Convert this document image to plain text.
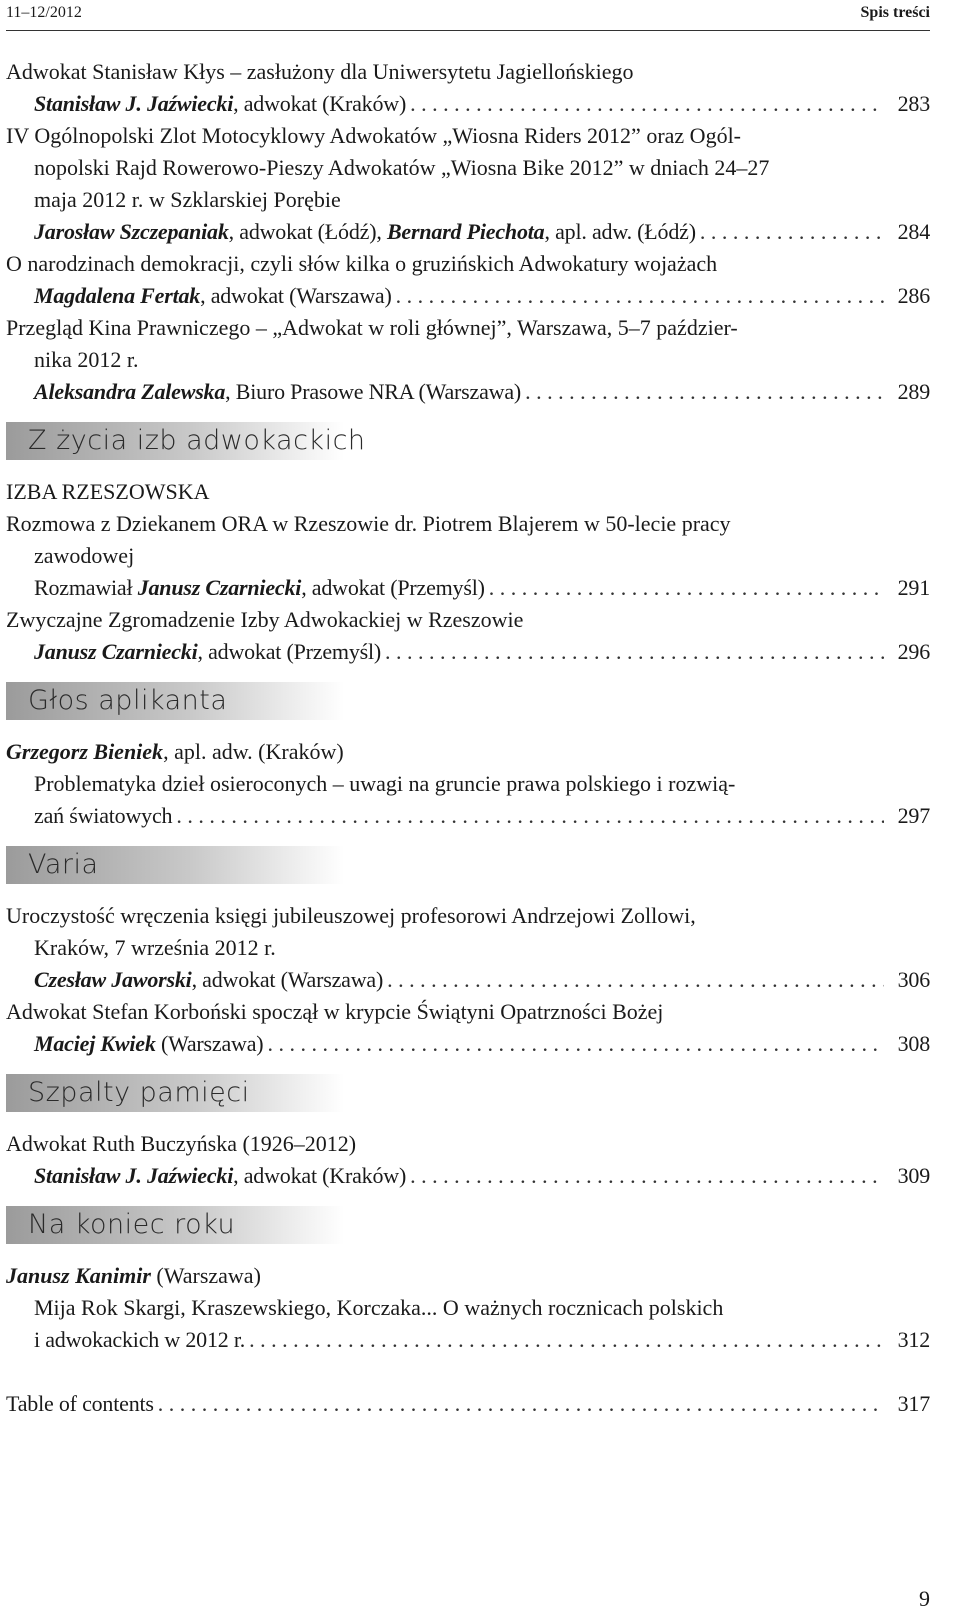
11–12/2012	Spis treści
Adwokat Stanisław Kłys – zasłużony dla Uniwersytetu Jagiellońskiego
Stanisław J. Jaźwiecki, adwokat (Kraków) . . .	283
IV Ogólnopolski Zlot Motocyklowy Adwokatów „Wiosna Riders 2012” oraz Ogól-
nopolski Rajd Rowerowo-Pieszy Adwokatów „Wiosna Bike 2012” w dniach 24–27
maja 2012 r. w Szklarskiej Porębie
Jarosław Szczepaniak, adwokat (Łódź), Bernard Piechota, apl. adw. (Łódź) . . .	284
O narodzinach demokracji, czyli słów kilka o gruzińskich Adwokatury wojażach
Magdalena Fertak, adwokat (Warszawa) . . .	286
Przegląd Kina Prawniczego – „Adwokat w roli głównej”, Warszawa, 5–7 paździer-
nika 2012 r.
Aleksandra Zalewska, Biuro Prasowe NRA (Warszawa) . . .	289
Z życia izb adwokackich
IZBA RZESZOWSKA
Rozmowa z Dziekanem ORA w Rzeszowie dr. Piotrem Blajerem w 50-lecie pracy
zawodowej
Rozmawiał Janusz Czarniecki, adwokat (Przemyśl) . . .	291
Zwyczajne Zgromadzenie Izby Adwokackiej w Rzeszowie
Janusz Czarniecki, adwokat (Przemyśl) . . .	296
Głos aplikanta
Grzegorz Bieniek, apl. adw. (Kraków)
Problematyka dzieł osieroconych – uwagi na gruncie prawa polskiego i rozwią-
zań światowych . . .	297
Varia
Uroczystość wręczenia księgi jubileuszowej profesorowi Andrzejowi Zollowi,
Kraków, 7 września 2012 r.
Czesław Jaworski, adwokat (Warszawa) . . .	306
Adwokat Stefan Korboński spoczął w krypcie Świątyni Opatrzności Bożej
Maciej Kwiek (Warszawa) . . .	308
Szpalty pamięci
Adwokat Ruth Buczyńska (1926–2012)
Stanisław J. Jaźwiecki, adwokat (Kraków) . . .	309
Na koniec roku
Janusz Kanimir (Warszawa)
Mija Rok Skargi, Kraszewskiego, Korczaka... O ważnych rocznicach polskich
i adwokackich w 2012 r. . . .	312
Table of contents . . .	317
9
